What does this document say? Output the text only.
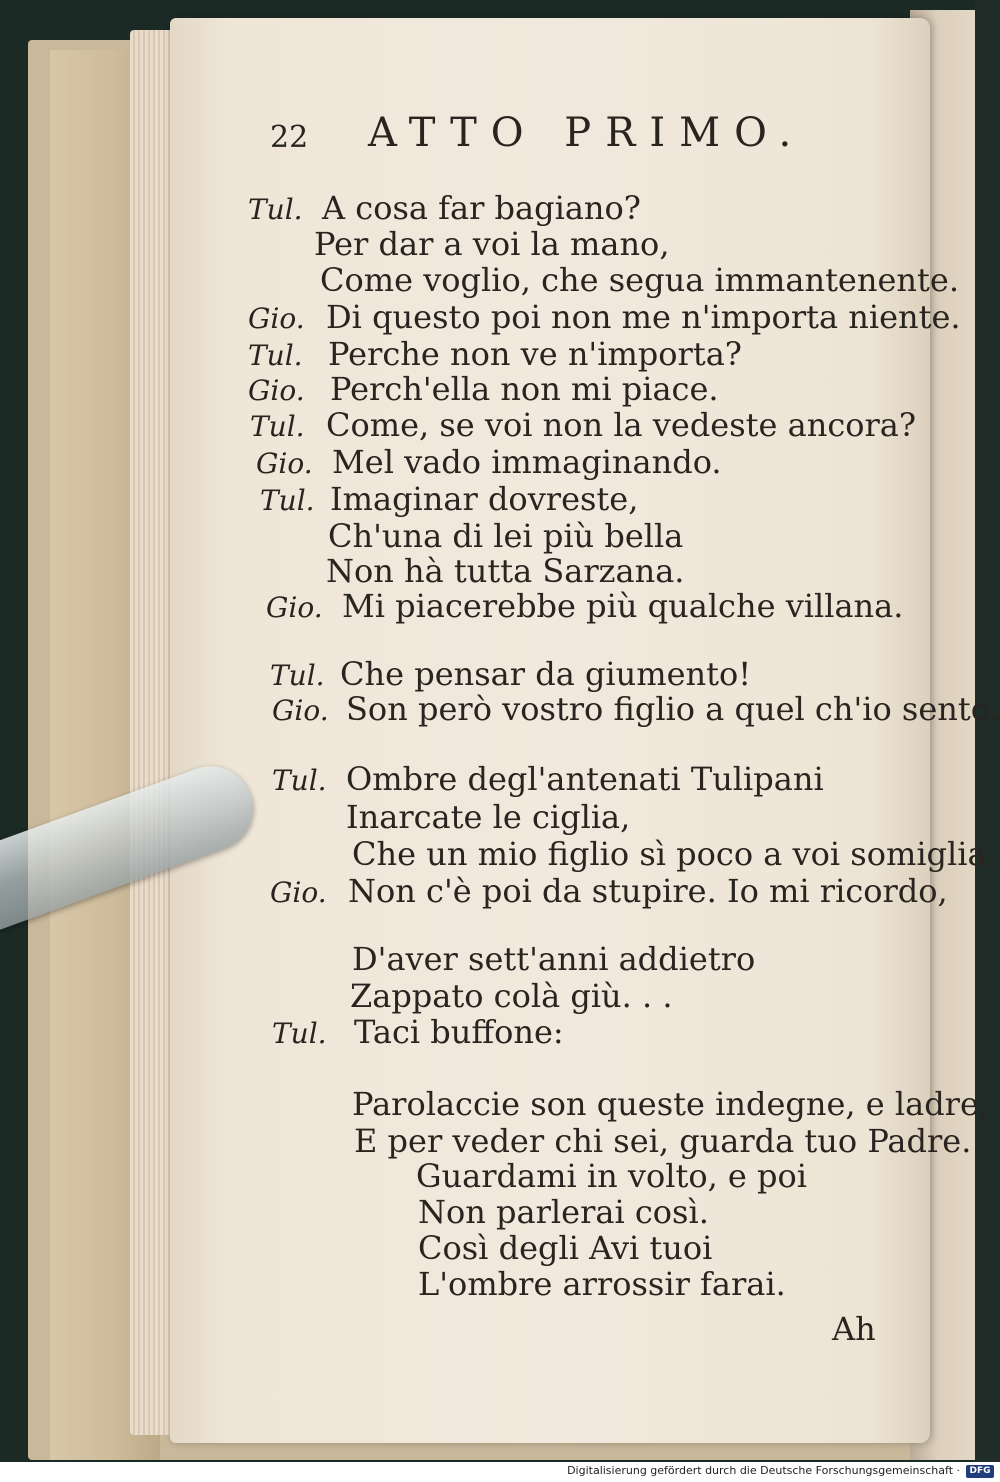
22 ATTO PRIMO.
Tul. A cosa far bagiano?
Per dar a voi la mano,
Come voglio, che segua immantenente.
Gio. Di questo poi non me n'importa niente.
Tul. Perche non ve n'importa?
Gio. Perch'ella non mi piace.
Tul. Come, se voi non la vedeste ancora?
Gio. Mel vado immaginando.
Tul. Imaginar dovreste,
Ch'una di lei più bella
Non hà tutta Sarzana.
Gio. Mi piacerebbe più qualche villana.
Tul. Che pensar da giumento!
Gio. Son però vostro figlio a quel ch'io sento.
Tul. Ombre degl'antenati Tulipani
Inarcate le ciglia,
Che un mio figlio sì poco a voi somiglia.
Gio. Non c'è poi da stupire. Io mi ricordo,
D'aver sett'anni addietro
Zappato colà giù. . .
Tul. Taci buffone:
Parolaccie son queste indegne, e ladre,
E per veder chi sei, guarda tuo Padre.
Guardami in volto, e poi
Non parlerai così.
Così degli Avi tuoi
L'ombre arrossir farai.
Ah
Digitalisierung gefördert durch die Deutsche Forschungsgemeinschaft ·	DFG
